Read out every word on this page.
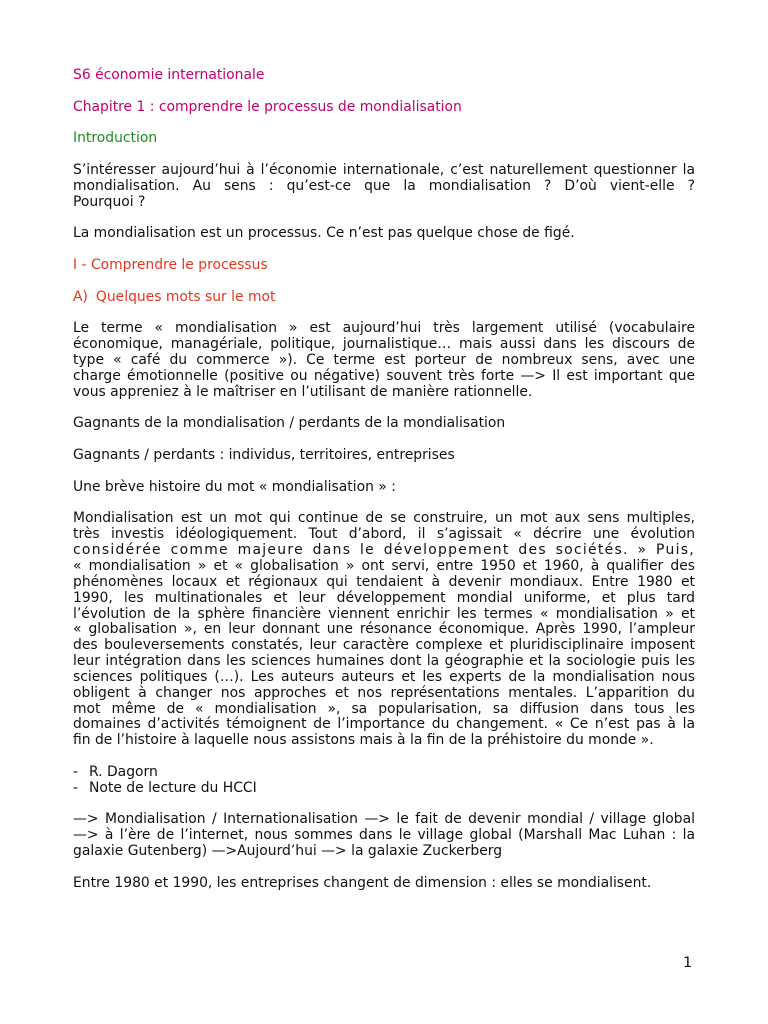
S6 économie internationale
Chapitre 1 : comprendre le processus de mondialisation
Introduction
S’intéresser aujourd’hui à l’économie internationale, c’est naturellement questionner la
mondialisation. Au sens : qu’est-ce que la mondialisation ? D’où vient-elle ?
Pourquoi ?
La mondialisation est un processus. Ce n’est pas quelque chose de figé.
I - Comprendre le processus
A) Quelques mots sur le mot
Le terme « mondialisation » est aujourd’hui très largement utilisé (vocabulaire
économique, managériale, politique, journalistique… mais aussi dans les discours de
type « café du commerce »). Ce terme est porteur de nombreux sens, avec une
charge émotionnelle (positive ou négative) souvent très forte —> Il est important que
vous appreniez à le maîtriser en l’utilisant de manière rationnelle.
Gagnants de la mondialisation / perdants de la mondialisation
Gagnants / perdants : individus, territoires, entreprises
Une brève histoire du mot « mondialisation » :
Mondialisation est un mot qui continue de se construire, un mot aux sens multiples,
très investis idéologiquement. Tout d’abord, il s’agissait « décrire une évolution
considérée comme majeure dans le développement des sociétés. » Puis,
« mondialisation » et « globalisation » ont servi, entre 1950 et 1960, à qualifier des
phénomènes locaux et régionaux qui tendaient à devenir mondiaux. Entre 1980 et
1990, les multinationales et leur développement mondial uniforme, et plus tard
l’évolution de la sphère financière viennent enrichir les termes « mondialisation » et
« globalisation », en leur donnant une résonance économique. Après 1990, l’ampleur
des bouleversements constatés, leur caractère complexe et pluridisciplinaire imposent
leur intégration dans les sciences humaines dont la géographie et la sociologie puis les
sciences politiques (…). Les auteurs auteurs et les experts de la mondialisation nous
obligent à changer nos approches et nos représentations mentales. L’apparition du
mot même de « mondialisation », sa popularisation, sa diffusion dans tous les
domaines d’activités témoignent de l’importance du changement. « Ce n’est pas à la
fin de l’histoire à laquelle nous assistons mais à la fin de la préhistoire du monde ».
- R. Dagorn
- Note de lecture du HCCI
—> Mondialisation / Internationalisation —> le fait de devenir mondial / village global
—> à l’ère de l’internet, nous sommes dans le village global (Marshall Mac Luhan : la
galaxie Gutenberg) —>Aujourd’hui —> la galaxie Zuckerberg
Entre 1980 et 1990, les entreprises changent de dimension : elles se mondialisent.
1
